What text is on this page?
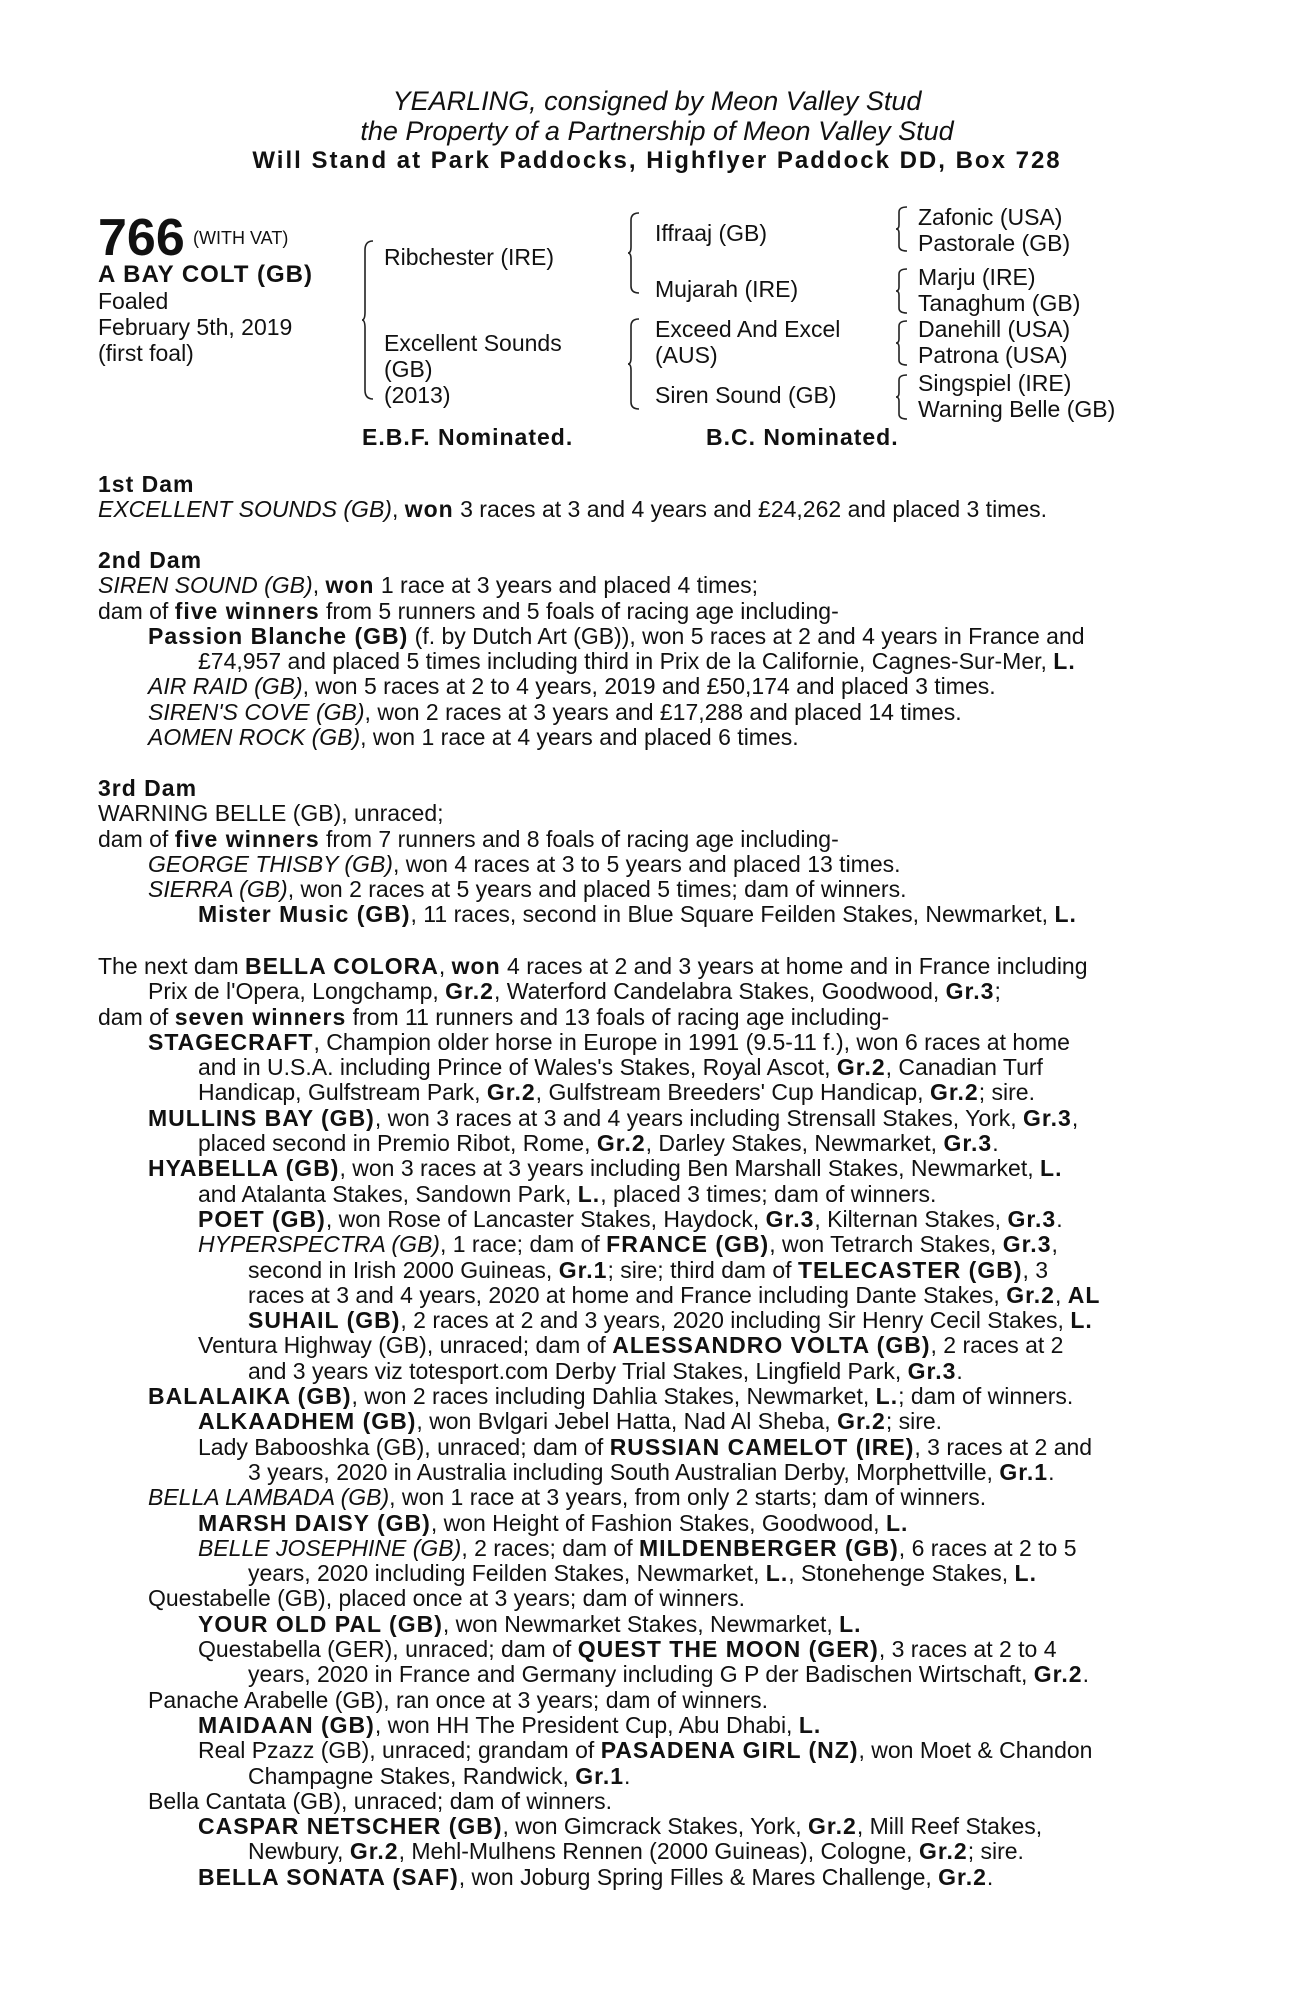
YEARLING, consigned by Meon Valley Stud
the Property of a Partnership of Meon Valley Stud
Will Stand at Park Paddocks, Highflyer Paddock DD, Box 728
766 (WITH VAT)
A BAY COLT (GB)
Foaled
February 5th, 2019
(first foal)
Ribchester (IRE)
Excellent Sounds
(GB)
(2013)
Iffraaj (GB)
Mujarah (IRE)
Exceed And Excel
(AUS)
Siren Sound (GB)
Zafonic (USA)
Pastorale (GB)
Marju (IRE)
Tanaghum (GB)
Danehill (USA)
Patrona (USA)
Singspiel (IRE)
Warning Belle (GB)
E.B.F. Nominated.	B.C. Nominated.

1st Dam

EXCELLENT SOUNDS (GB), won 3 races at 3 and 4 years and £24,262 and placed 3 times.

2nd Dam

SIREN SOUND (GB), won 1 race at 3 years and placed 4 times;

dam of five winners from 5 runners and 5 foals of racing age including-

Passion Blanche (GB) (f. by Dutch Art (GB)), won 5 races at 2 and 4 years in France and

£74,957 and placed 5 times including third in Prix de la Californie, Cagnes-Sur-Mer, L.

AIR RAID (GB), won 5 races at 2 to 4 years, 2019 and £50,174 and placed 3 times.

SIREN'S COVE (GB), won 2 races at 3 years and £17,288 and placed 14 times.

AOMEN ROCK (GB), won 1 race at 4 years and placed 6 times.

3rd Dam

WARNING BELLE (GB), unraced;

dam of five winners from 7 runners and 8 foals of racing age including-

GEORGE THISBY (GB), won 4 races at 3 to 5 years and placed 13 times.

SIERRA (GB), won 2 races at 5 years and placed 5 times; dam of winners.

Mister Music (GB), 11 races, second in Blue Square Feilden Stakes, Newmarket, L.

The next dam BELLA COLORA, won 4 races at 2 and 3 years at home and in France including

Prix de l'Opera, Longchamp, Gr.2, Waterford Candelabra Stakes, Goodwood, Gr.3;

dam of seven winners from 11 runners and 13 foals of racing age including-

STAGECRAFT, Champion older horse in Europe in 1991 (9.5-11 f.), won 6 races at home

and in U.S.A. including Prince of Wales's Stakes, Royal Ascot, Gr.2, Canadian Turf

Handicap, Gulfstream Park, Gr.2, Gulfstream Breeders' Cup Handicap, Gr.2; sire.

MULLINS BAY (GB), won 3 races at 3 and 4 years including Strensall Stakes, York, Gr.3,

placed second in Premio Ribot, Rome, Gr.2, Darley Stakes, Newmarket, Gr.3.

HYABELLA (GB), won 3 races at 3 years including Ben Marshall Stakes, Newmarket, L.

and Atalanta Stakes, Sandown Park, L., placed 3 times; dam of winners.

POET (GB), won Rose of Lancaster Stakes, Haydock, Gr.3, Kilternan Stakes, Gr.3.

HYPERSPECTRA (GB), 1 race; dam of FRANCE (GB), won Tetrarch Stakes, Gr.3,

second in Irish 2000 Guineas, Gr.1; sire; third dam of TELECASTER (GB), 3

races at 3 and 4 years, 2020 at home and France including Dante Stakes, Gr.2, AL

SUHAIL (GB), 2 races at 2 and 3 years, 2020 including Sir Henry Cecil Stakes, L.

Ventura Highway (GB), unraced; dam of ALESSANDRO VOLTA (GB), 2 races at 2

and 3 years viz totesport.com Derby Trial Stakes, Lingfield Park, Gr.3.

BALALAIKA (GB), won 2 races including Dahlia Stakes, Newmarket, L.; dam of winners.

ALKAADHEM (GB), won Bvlgari Jebel Hatta, Nad Al Sheba, Gr.2; sire.

Lady Babooshka (GB), unraced; dam of RUSSIAN CAMELOT (IRE), 3 races at 2 and

3 years, 2020 in Australia including South Australian Derby, Morphettville, Gr.1.

BELLA LAMBADA (GB), won 1 race at 3 years, from only 2 starts; dam of winners.

MARSH DAISY (GB), won Height of Fashion Stakes, Goodwood, L.

BELLE JOSEPHINE (GB), 2 races; dam of MILDENBERGER (GB), 6 races at 2 to 5

years, 2020 including Feilden Stakes, Newmarket, L., Stonehenge Stakes, L.

Questabelle (GB), placed once at 3 years; dam of winners.

YOUR OLD PAL (GB), won Newmarket Stakes, Newmarket, L.

Questabella (GER), unraced; dam of QUEST THE MOON (GER), 3 races at 2 to 4

years, 2020 in France and Germany including G P der Badischen Wirtschaft, Gr.2.

Panache Arabelle (GB), ran once at 3 years; dam of winners.

MAIDAAN (GB), won HH The President Cup, Abu Dhabi, L.

Real Pzazz (GB), unraced; grandam of PASADENA GIRL (NZ), won Moet & Chandon

Champagne Stakes, Randwick, Gr.1.

Bella Cantata (GB), unraced; dam of winners.

CASPAR NETSCHER (GB), won Gimcrack Stakes, York, Gr.2, Mill Reef Stakes,

Newbury, Gr.2, Mehl-Mulhens Rennen (2000 Guineas), Cologne, Gr.2; sire.

BELLA SONATA (SAF), won Joburg Spring Filles & Mares Challenge, Gr.2.
